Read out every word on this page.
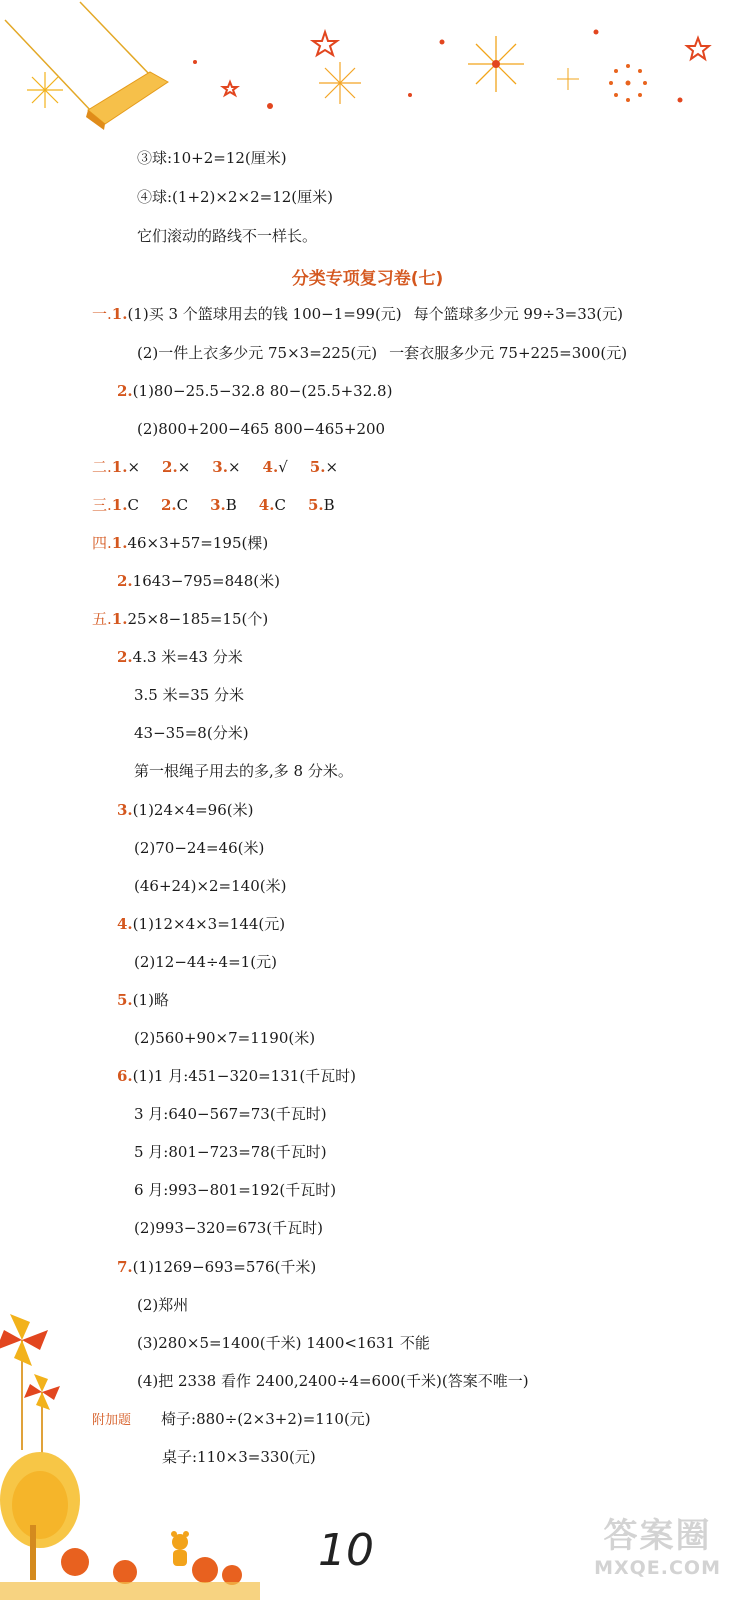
③球:10+2=12(厘米)
④球:(1+2)×2×2=12(厘米)
它们滚动的路线不一样长。
分类专项复习卷(七)
一.1.(1)买 3 个篮球用去的钱 100−1=99(元) 每个篮球多少元 99÷3=33(元)
(2)一件上衣多少元 75×3=225(元) 一套衣服多少元 75+225=300(元)
2.(1)80−25.5−32.8 80−(25.5+32.8)
(2)800+200−465 800−465+200
二.1.× 2.× 3.× 4.√ 5.×
三.1.C 2.C 3.B 4.C 5.B
四.1.46×3+57=195(棵)
2.1643−795=848(米)
五.1.25×8−185=15(个)
2.4.3 米=43 分米
3.5 米=35 分米
43−35=8(分米)
第一根绳子用去的多,多 8 分米。
3.(1)24×4=96(米)
(2)70−24=46(米)
(46+24)×2=140(米)
4.(1)12×4×3=144(元)
(2)12−44÷4=1(元)
5.(1)略
(2)560+90×7=1190(米)
6.(1)1 月:451−320=131(千瓦时)
3 月:640−567=73(千瓦时)
5 月:801−723=78(千瓦时)
6 月:993−801=192(千瓦时)
(2)993−320=673(千瓦时)
7.(1)1269−693=576(千米)
(2)郑州
(3)280×5=1400(千米) 1400<1631 不能
(4)把 2338 看作 2400,2400÷4=600(千米)(答案不唯一)
附加题 椅子:880÷(2×3+2)=110(元)
桌子:110×3=330(元)
10	答案圈
MXQE.COM
